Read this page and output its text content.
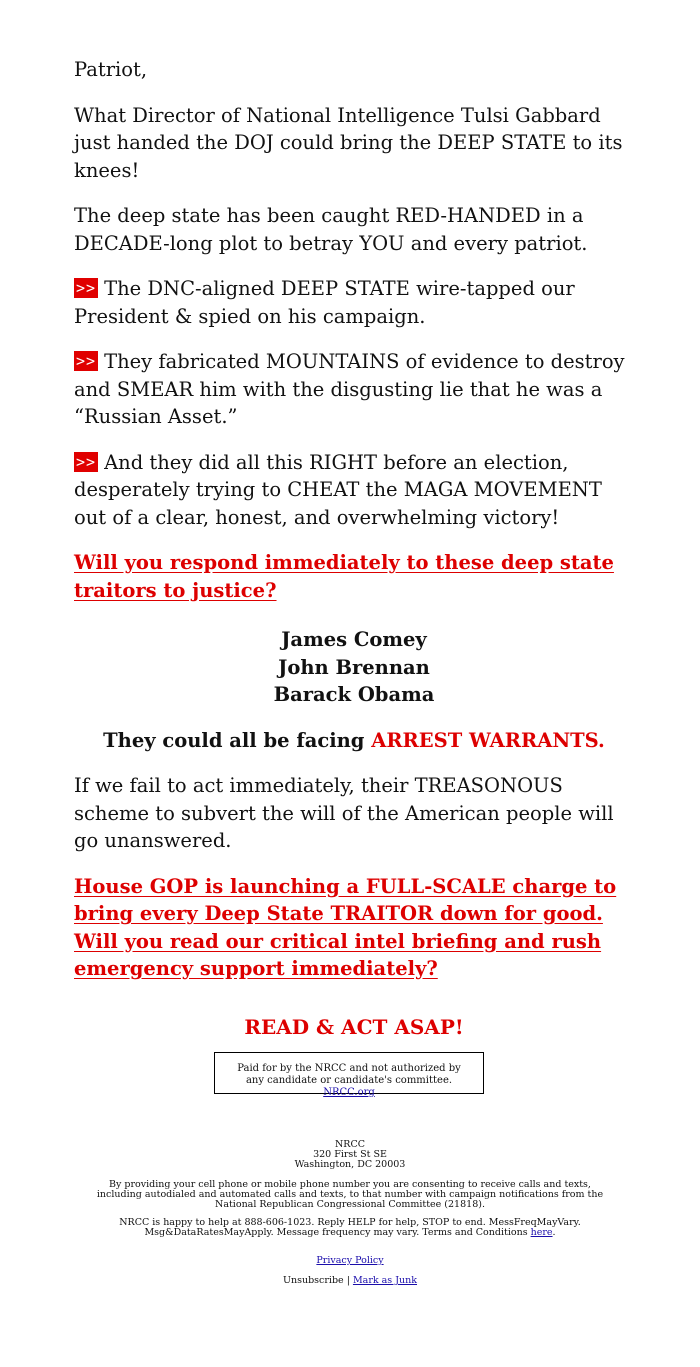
Patriot,

What Director of National Intelligence Tulsi Gabbard just handed the DOJ could bring the DEEP STATE to its knees!

The deep state has been caught RED-HANDED in a DECADE-long plot to betray YOU and every patriot.

>> The DNC-aligned DEEP STATE wire-tapped our President & spied on his campaign.

>> They fabricated MOUNTAINS of evidence to destroy and SMEAR him with the disgusting lie that he was a “Russian Asset.”

>> And they did all this RIGHT before an election, desperately trying to CHEAT the MAGA MOVEMENT out of a clear, honest, and overwhelming victory!

Will you respond immediately to these deep state traitors to justice?

James Comey
John Brennan
Barack Obama
They could all be facing ARREST WARRANTS.

If we fail to act immediately, their TREASONOUS scheme to subvert the will of the American people will go unanswered.

House GOP is launching a FULL-SCALE charge to bring every Deep State TRAITOR down for good. Will you read our critical intel briefing and rush emergency support immediately?

READ & ACT ASAP!
Paid for by the NRCC and not authorized by any candidate or candidate's committee. NRCC.org
NRCC
320 First St SE
Washington, DC 20003
By providing your cell phone or mobile phone number you are consenting to receive calls and texts, including autodialed and automated calls and texts, to that number with campaign notifications from the National Republican Congressional Committee (21818).
NRCC is happy to help at 888-606-1023. Reply HELP for help, STOP to end. MessFreqMayVary. Msg&DataRatesMayApply. Message frequency may vary. Terms and Conditions here.
Privacy Policy
Unsubscribe | Mark as Junk
